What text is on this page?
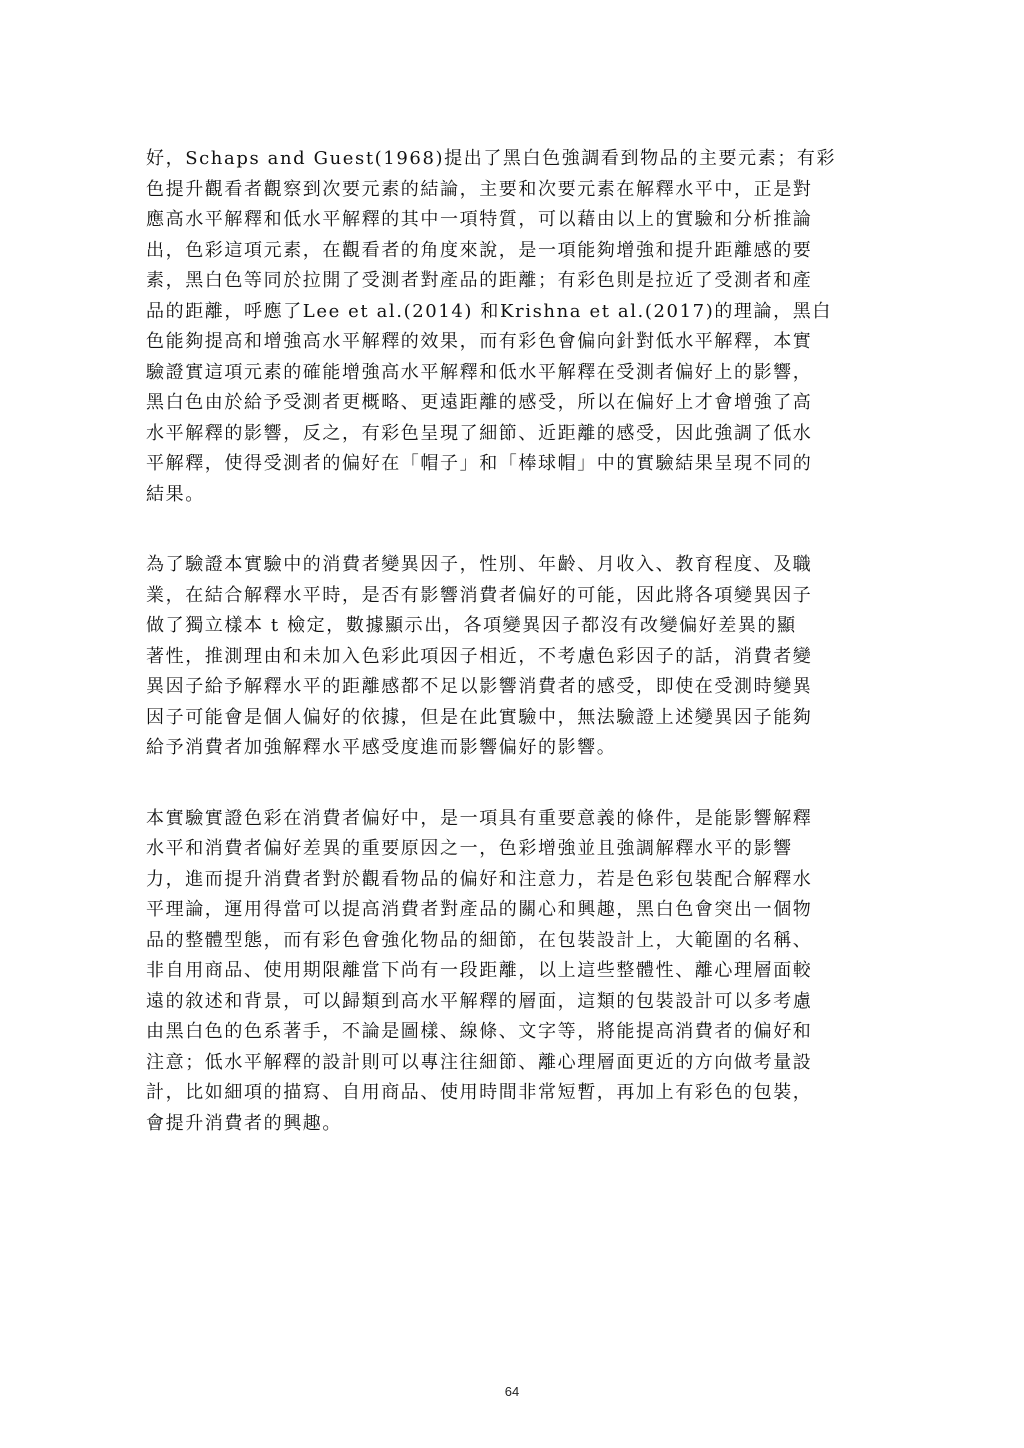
好，Schaps and Guest(1968)提出了黑白色強調看到物品的主要元素；有彩
色提升觀看者觀察到次要元素的結論，主要和次要元素在解釋水平中，正是對
應高水平解釋和低水平解釋的其中一項特質，可以藉由以上的實驗和分析推論
出，色彩這項元素，在觀看者的角度來說，是一項能夠增強和提升距離感的要
素，黑白色等同於拉開了受測者對產品的距離；有彩色則是拉近了受測者和產
品的距離，呼應了Lee et al.(2014) 和Krishna et al.(2017)的理論，黑白
色能夠提高和增強高水平解釋的效果，而有彩色會偏向針對低水平解釋，本實
驗證實這項元素的確能增強高水平解釋和低水平解釋在受測者偏好上的影響，
黑白色由於給予受測者更概略、更遠距離的感受，所以在偏好上才會增強了高
水平解釋的影響，反之，有彩色呈現了細節、近距離的感受，因此強調了低水
平解釋，使得受測者的偏好在「帽子」和「棒球帽」中的實驗結果呈現不同的
結果。
為了驗證本實驗中的消費者變異因子，性別、年齡、月收入、教育程度、及職
業，在結合解釋水平時，是否有影響消費者偏好的可能，因此將各項變異因子
做了獨立樣本 t 檢定，數據顯示出，各項變異因子都沒有改變偏好差異的顯
著性，推測理由和未加入色彩此項因子相近，不考慮色彩因子的話，消費者變
異因子給予解釋水平的距離感都不足以影響消費者的感受，即使在受測時變異
因子可能會是個人偏好的依據，但是在此實驗中，無法驗證上述變異因子能夠
給予消費者加強解釋水平感受度進而影響偏好的影響。
本實驗實證色彩在消費者偏好中，是一項具有重要意義的條件，是能影響解釋
水平和消費者偏好差異的重要原因之一，色彩增強並且強調解釋水平的影響
力，進而提升消費者對於觀看物品的偏好和注意力，若是色彩包裝配合解釋水
平理論，運用得當可以提高消費者對產品的關心和興趣，黑白色會突出一個物
品的整體型態，而有彩色會強化物品的細節，在包裝設計上，大範圍的名稱、
非自用商品、使用期限離當下尚有一段距離，以上這些整體性、離心理層面較
遠的敘述和背景，可以歸類到高水平解釋的層面，這類的包裝設計可以多考慮
由黑白色的色系著手，不論是圖樣、線條、文字等，將能提高消費者的偏好和
注意；低水平解釋的設計則可以專注往細節、離心理層面更近的方向做考量設
計，比如細項的描寫、自用商品、使用時間非常短暫，再加上有彩色的包裝，
會提升消費者的興趣。
64
